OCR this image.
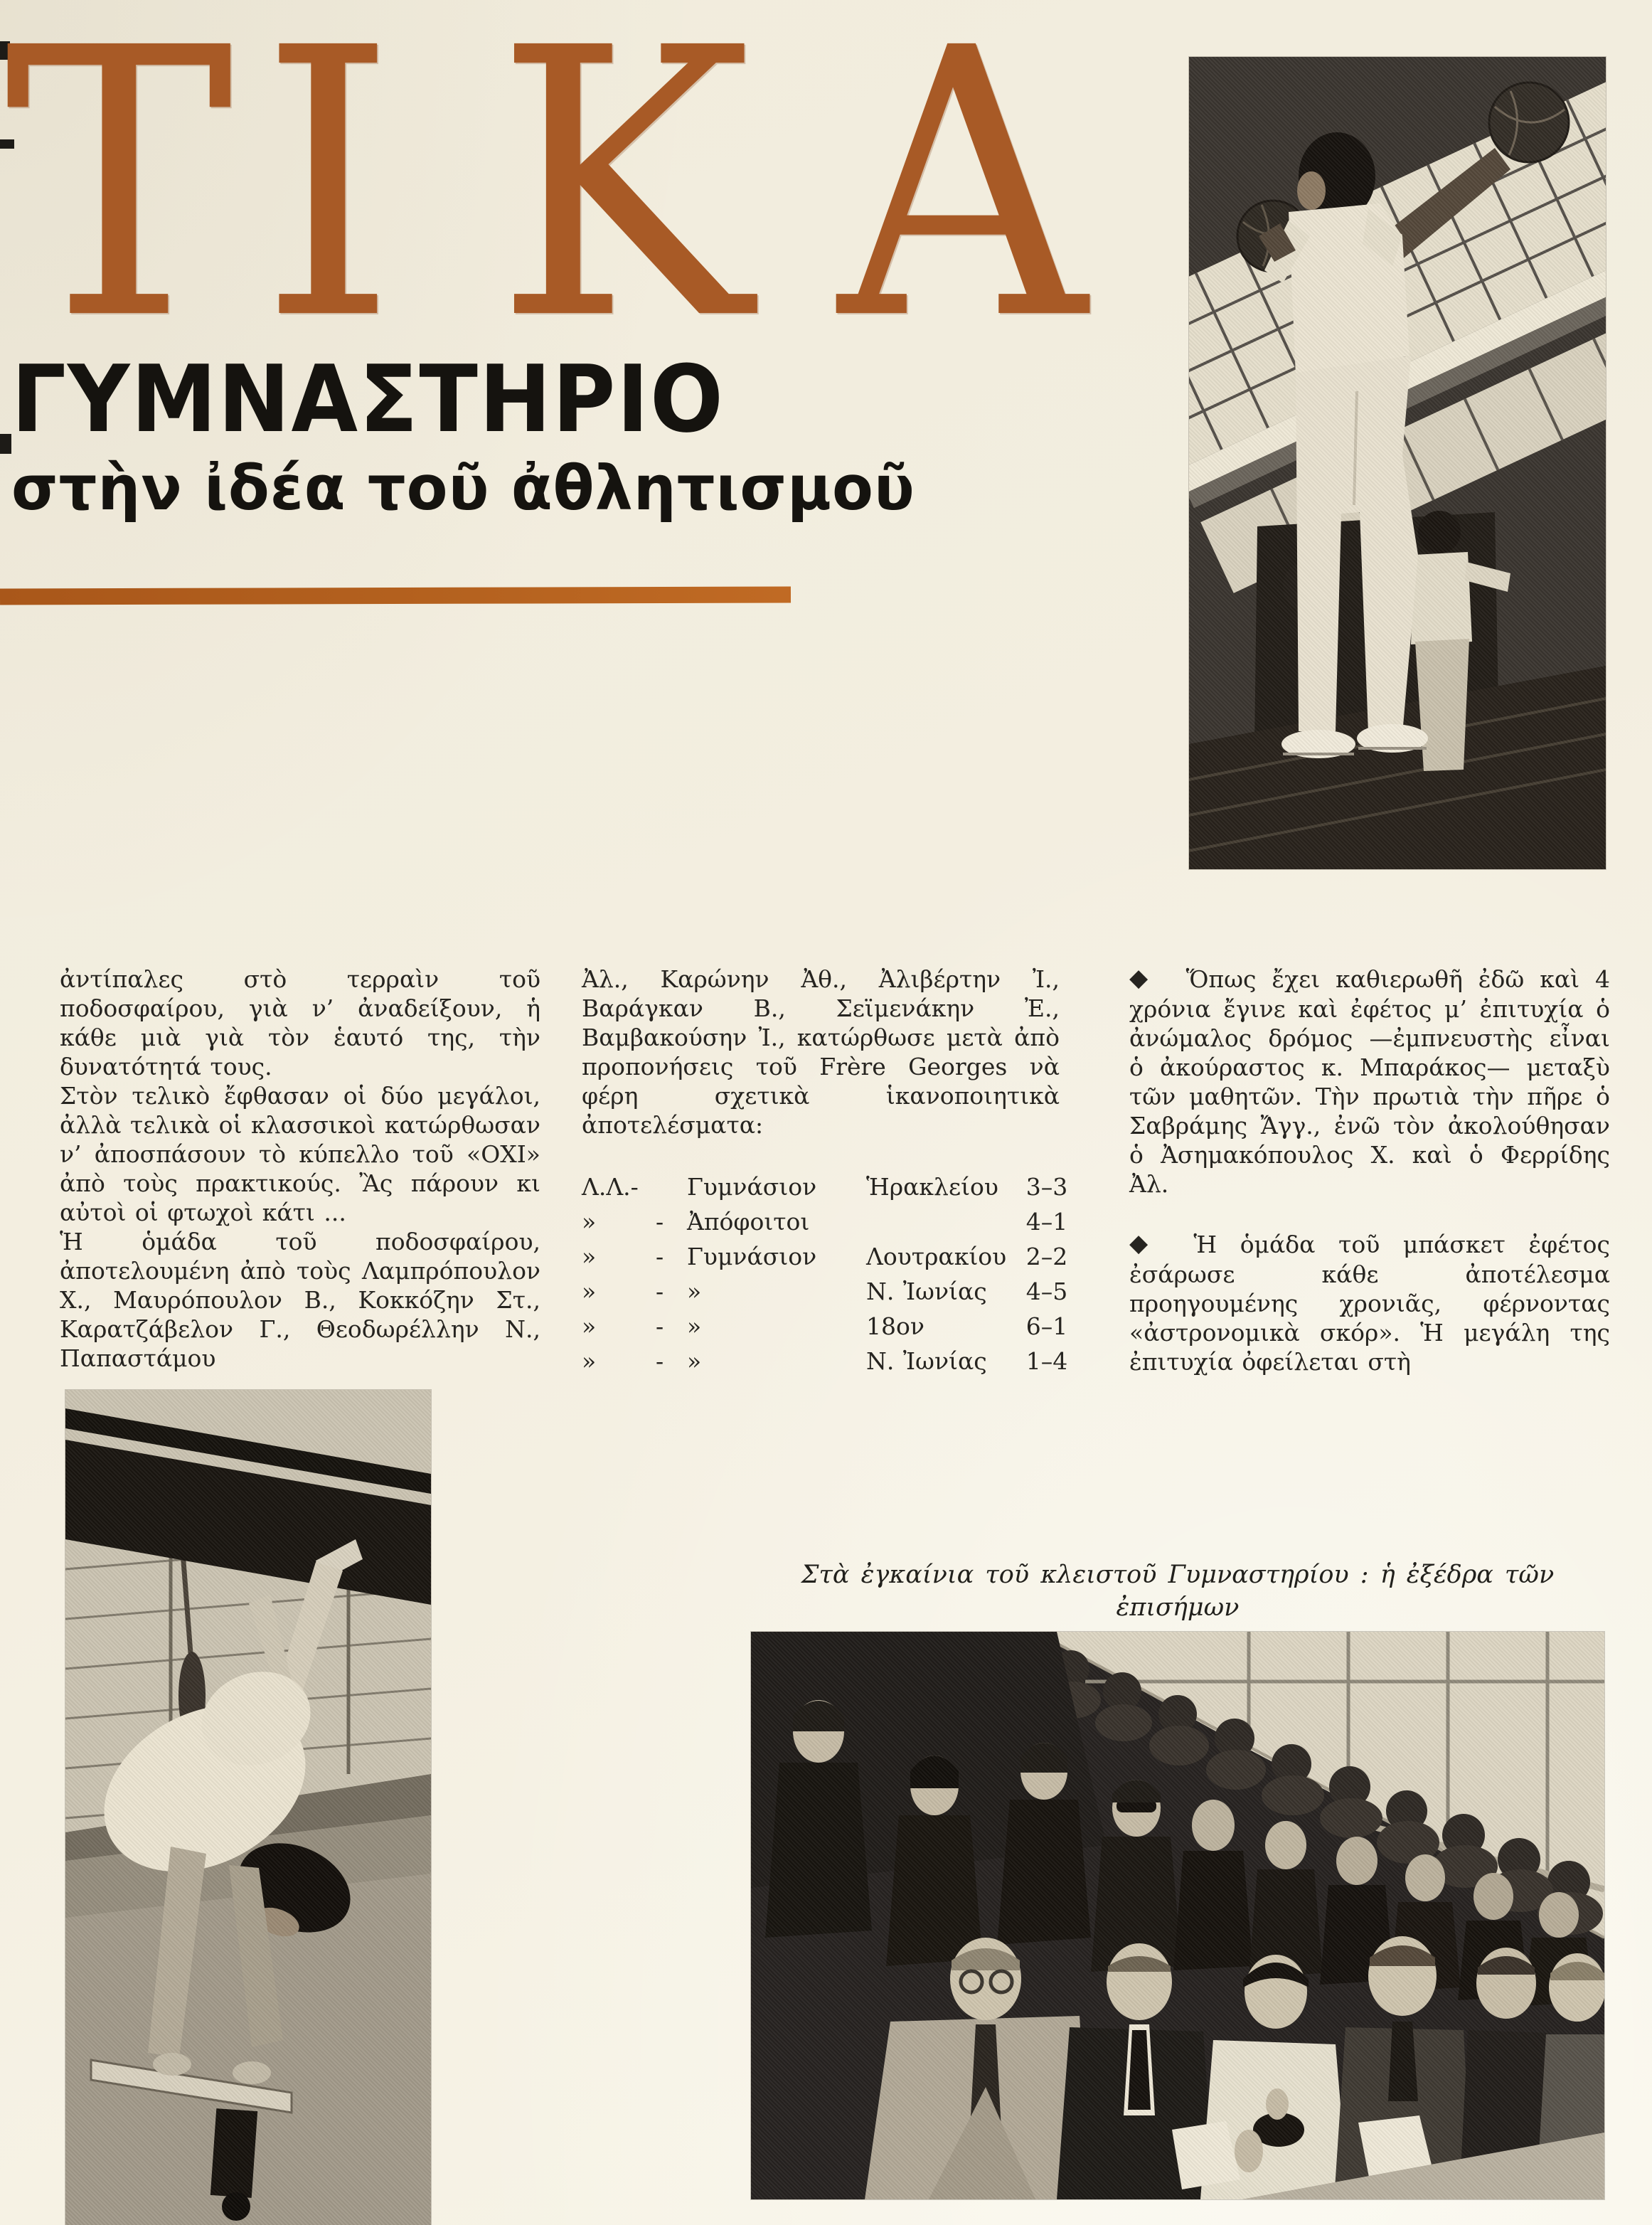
ΤΙ Κ Α
ΓΥΜΝΑΣΤΗΡΙΟ
στὴν ἰδέα τοῦ ἀθλητισμοῦ

ἀντίπαλες στὸ τερραὶν τοῦ ποδοσφαίρου, γιὰ ν’ ἀναδείξουν, ἡ κάθε μιὰ γιὰ τὸν ἑαυτό της, τὴν δυνατότητά τους.

Στὸν τελικὸ ἔφθασαν οἱ δύο μεγάλοι, ἀλλὰ τελικὰ οἱ κλασσικοὶ κατώρθωσαν ν’ ἀποσπάσουν τὸ κύπελλο τοῦ «ΟΧΙ» ἀπὸ τοὺς πρακτικούς. Ἂς πάρουν κι αὐτοὶ οἱ φτωχοὶ κάτι ...

Ἡ ὁμάδα τοῦ ποδοσφαίρου, ἀποτελουμένη ἀπὸ τοὺς Λαμπρόπουλον Χ., Μαυρόπουλον Β., Κοκκόζην Στ., Καρατζάβελον Γ., Θεοδωρέλλην Ν., Παπαστάμου

Ἀλ., Καρώνην Ἀθ., Ἀλιβέρτην Ἰ., Βαράγκαν Β., Σεϊμενάκην Ἐ., Βαμβακούσην Ἰ., κατώρθωσε μετὰ ἀπὸ προπονήσεις τοῦ Frère Georges νὰ φέρη σχετικὰ ἱκανοποιητικὰ ἀποτελέσματα:

Λ.Λ.-	Γυμνάσιον	Ἡρακλείου	3–3
»	- Ἀπόφοιτοι	4–1
»	- Γυμνάσιον	Λουτρακίου 2–2
»	- »	Ν. Ἰωνίας	4–5
»	- »	18ον	6–1
»	- »	Ν. Ἰωνίας	1–4

◆ Ὅπως ἔχει καθιερωθῆ ἐδῶ καὶ 4 χρόνια ἔγινε καὶ ἐφέτος μ’ ἐπιτυχία ὁ ἀνώμαλος δρόμος —ἐμπνευστὴς εἶναι ὁ ἀκούραστος κ. Μπαράκος— μεταξὺ τῶν μαθητῶν. Τὴν πρωτιὰ τὴν πῆρε ὁ Σαβράμης Ἄγγ., ἐνῶ τὸν ἀκολούθησαν ὁ Ἀσημακόπουλος Χ. καὶ ὁ Φερρίδης Ἀλ.

◆ Ἡ ὁμάδα τοῦ μπάσκετ ἐφέτος ἐσάρωσε κάθε ἀποτέλεσμα προηγουμένης χρονιᾶς, φέρνοντας «ἀστρονομικὰ σκόρ». Ἡ μεγάλη της ἐπιτυχία ὀφείλεται στὴ

Στὰ ἐγκαίνια τοῦ κλειστοῦ Γυμναστηρίου : ἡ ἐξέδρα τῶν ἐπισήμων
